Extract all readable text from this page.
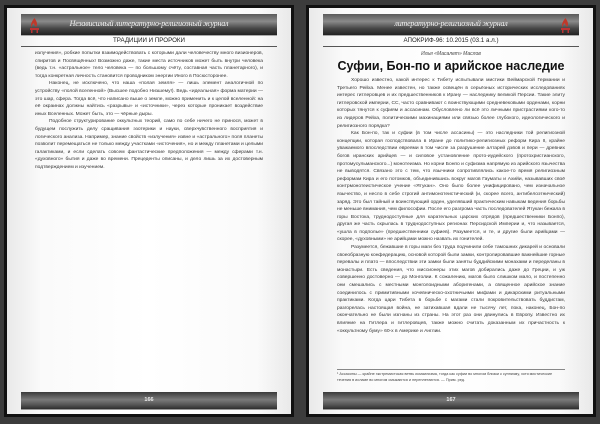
Независимый литературно-религиозный журнал
ТРАДИЦИИ И ПРОРОКИ

излучения», робкие попытки взаимодействовать с которыми дали человечеству много визионеров, спиритов и Посвящённых! Возможно даже, такие места источников может быть внутри человека (ведь т.н. «астральное» тело человека — по большому счёту, составная часть планетарного), и тогда конкретная личность становится проводником энергии Иного в Посюсторонее.

Наконец, не исключено, что наша «полая земля» — лишь элемент аналогичной по устройству «полой вселенной» (Высшее подобно Низшему!). Ведь «идеальная» форма материи — это шар, сфера. Тогда всё, что написано выше о земле, можно применить и к целой вселенной: на её окраинах должны найтись «разрывы» и «источники», через которые проникает воздействие иных Вселенных. Может быть, это — чёрные дыры.

Подобное структурирование оккультных теорий, само по себе ничего не принося, может в будущем послужить делу сращивания эзотерики и науки, сверхчувственного восприятия и логического анализа. Например, знание свойств «излучения» извне и «астрального» поля планеты позволит перемещаться не только между участками «источения», но и между планетами и целыми галактиками, и если сделать совсем фантастические предположения — между сферами т.н. «духовного» бытия и даже во времени. Прецеденты описаны, и дело лишь за их достоверным подтверждением и изучением.

166
литературно-религиозный журнал
АПОКРИФ-96: 10.2015 (03.1 а.л.)
Илья «Масалет» Маслов
Суфии, Бон-по и арийское наследие

Хорошо известно, какой интерес к Тибету испытывали мистики Веймарской Германии и Третьего Рейха. Менее известен, но также освещён в серьёзных исторических исследованиях интерес гитлеровцев и их предшественников к Ирану — наследнику великой Персии. Такие элиту гитлеровской империи, СС, часто сравнивают с воинствующими средневековыми орденами, корни которых тянутся к суфиям и ассасинам. Обусловлено ли всё это личными пристрастиями кого-то из лидеров Рейха, политическими махинациями или связью более глубокого, идеологического и религиозного порядка?

Как Бон-по, так и суфии (в том числе ассасины) — это наследники той религиозной концепции, которая господствовала в Иране до политико-религиозных реформ Кира II, крайне уважаемого впоследствии евреями в том числе за разрушение алтарей дэвов и пери — древних богов иранских арийцев — и силовое установление прото-иудейского (протохристианского, протомусульманского...) монотеизма. Но корни Бонпо и суфизма напрямую из арийского язычества не выводятся. Связано это с тем, что язычники сопротивлялись какое-то время религиозным реформам Кира и его потомков, объединившись вокруг магов Гауматы и Ахийи, называвших своё контрмонотеистическое учение «Ятукан». Оно было более унифицировано, чем изначальное язычество, и несло в себе строгий антимонотеистический (и, скорее всего, антибелоэтнический) заряд. Это был тайный и воинствующий орден, уделявший практическим навыкам ведения борьбы не меньше внимания, чем философии. После его разгрома часть последователей Ятукан бежала в горы Востока, труднодоступные для карательных царских отрядов (предшественники Бонпо), другая же часть скрылась в труднодоступных регионах Персидской Империи и, что называется, «ушла в подполье» (предшественники суфиев). Разумеется, и те, и другие были арийцами — скорее, «духовными» не арийцами можно назвать их гонителей.

Разумеется, бежавшие в горы маги без труда подчинили себе тамошних дикарей и основали своеобразную конфедерацию, основой которой были замки, контролировавшие важнейшие горные перевалы и плато — впоследствии эти замки были заняты буддийскими монахами и переделаны в монастыри. Есть сведения, что миссионеры этих магов добирались даже до Греции, и уж совершенно достоверно — до Монголии. К сожалению, магов было слишком мало, и постепенно они смешались с местными монголоидными аборигенами, а священное арийское знание соединилось с примитивными кочевническо-охотничьими мифами и дикарскими ритуальными практиками. Когда цари Тибета в борьбе с магами стали покровительствовать буддистам, разгорелась настоящая война, не затихавшая вдали не тысячу лет, пока, наконец, Бон-по окончательно не были изгнаны из страны. На этот раз они двинулись в Европу. Известно их влияние на Гитлера и гитлеровцев, также можно считать доказанным их причастность к «оккультному буму» 60-х в Америке и Англии.

¹ Ассасины — крайне экстремистская ветвь исмаилизма, тогда как суфии во многом близки к суннизму, хотя мистические течения в исламе во многом смыкаются и переплетаются. — Прим. ред.
167
